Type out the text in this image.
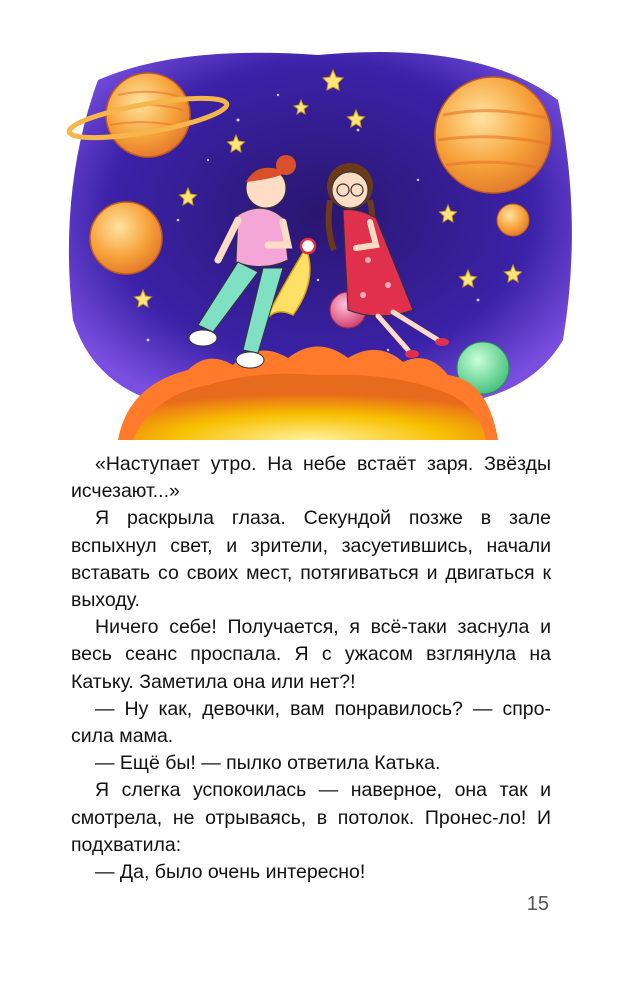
«Наступает утро. На небе встаёт заря. Звёзды исчезают...»

Я раскрыла глаза. Секундой позже в зале вспыхнул свет, и зрители, засуетившись, начали вставать со своих мест, потягиваться и двигаться к выходу.

Ничего себе! Получается, я всё-таки заснула и весь сеанс проспала. Я с ужасом взглянула на Катьку. Заметила она или нет?!

— Ну как, девочки, вам понравилось? — спро-сила мама.

— Ещё бы! — пылко ответила Катька.

Я слегка успокоилась — наверное, она так и смотрела, не отрываясь, в потолок. Пронес-ло! И подхватила:

— Да, было очень интересно!

15
